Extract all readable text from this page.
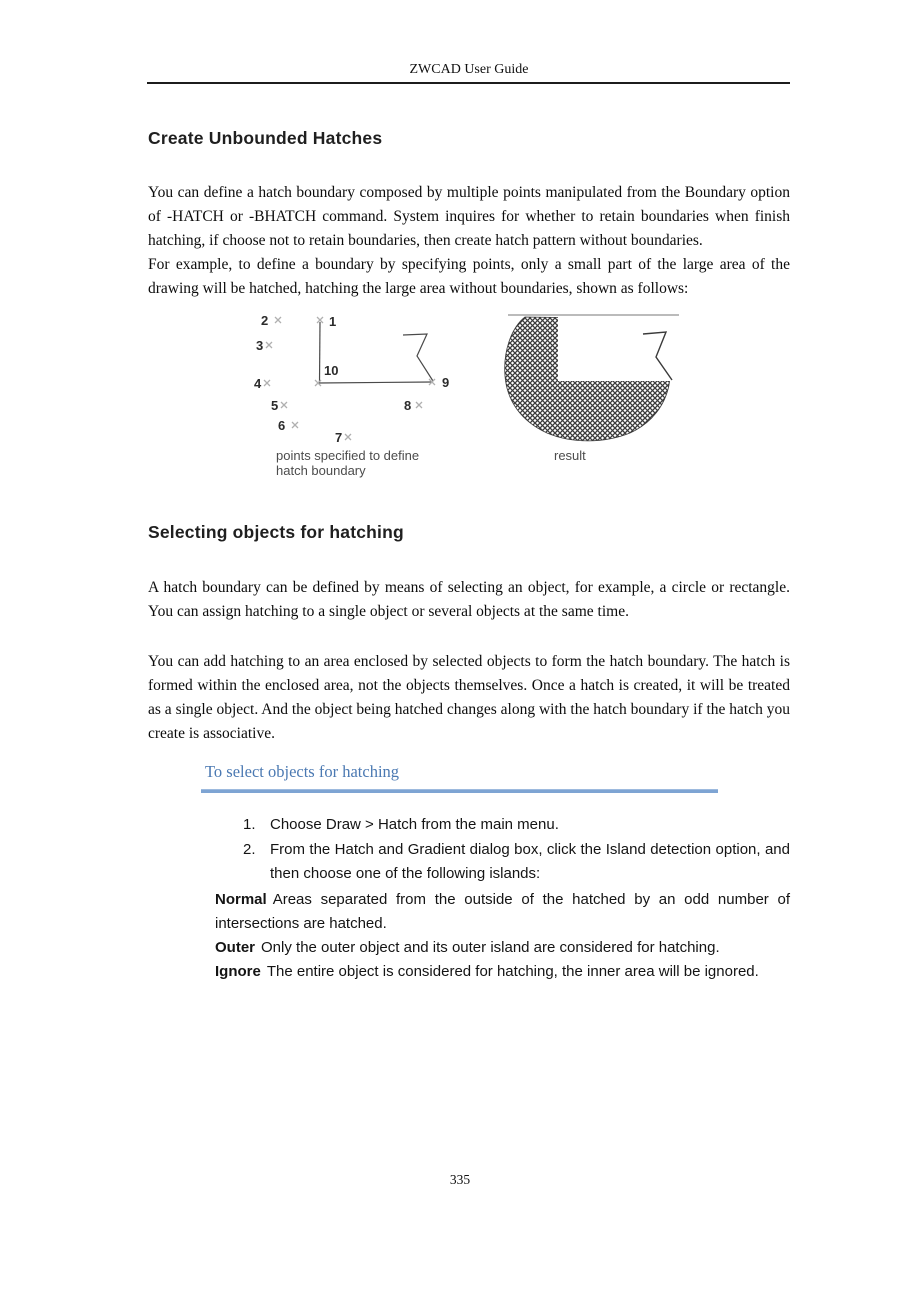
ZWCAD User Guide
Create Unbounded Hatches

You can define a hatch boundary composed by multiple points manipulated from the Boundary option of -HATCH or -BHATCH command. System inquires for whether to retain boundaries when finish hatching, if choose not to retain boundaries, then create hatch pattern without boundaries.

For example, to define a boundary by specifying points, only a small part of the large area of the drawing will be hatched, hatching the large area without boundaries, shown as follows:

1
2
3
4
5
6
7
8
9
10
points specified to define
hatch boundary
result
Selecting objects for hatching

A hatch boundary can be defined by means of selecting an object, for example, a circle or rectangle. You can assign hatching to a single object or several objects at the same time.

You can add hatching to an area enclosed by selected objects to form the hatch boundary. The hatch is formed within the enclosed area, not the objects themselves. Once a hatch is created, it will be treated as a single object. And the object being hatched changes along with the hatch boundary if the hatch you create is associative.

To select objects for hatching
1. Choose Draw > Hatch from the main menu.
2. From the Hatch and Gradient dialog box, click the Island detection option, and then choose one of the following islands:

Normal Areas separated from the outside of the hatched by an odd number of intersections are hatched.

Outer Only the outer object and its outer island are considered for hatching.

Ignore The entire object is considered for hatching, the inner area will be ignored.

335
